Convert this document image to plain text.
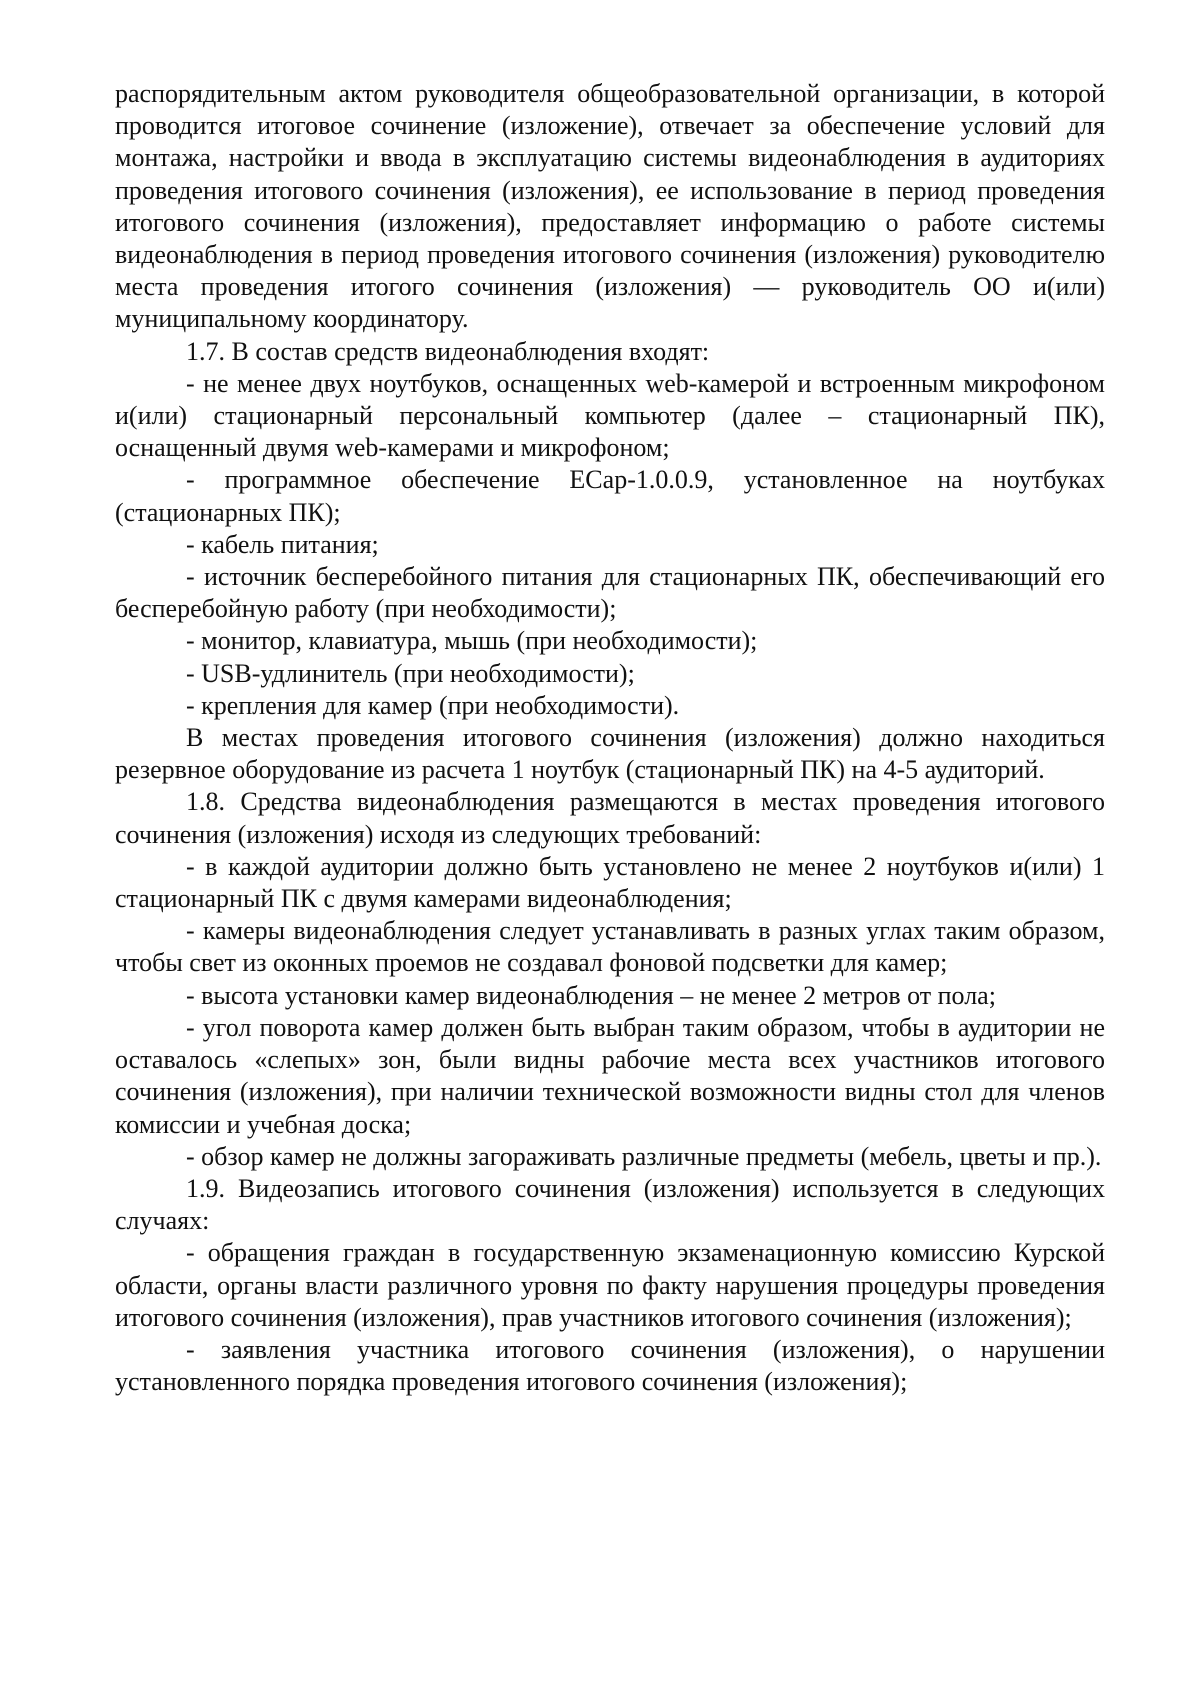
распорядительным актом руководителя общеобразовательной организации, в которой проводится итоговое сочинение (изложение), отвечает за обеспечение условий для монтажа, настройки и ввода в эксплуатацию системы видеонаблюдения в аудиториях проведения итогового сочинения (изложения), ее использование в период проведения итогового сочинения (изложения), предоставляет информацию о работе системы видеонаблюдения в период проведения итогового сочинения (изложения) руководителю места проведения итогого сочинения (изложения) — руководитель ОО и(или) муниципальному координатору.

1.7. В состав средств видеонаблюдения входят:

- не менее двух ноутбуков, оснащенных web-камерой и встроенным микрофоном и(или) стационарный персональный компьютер (далее – стационарный ПК), оснащенный двумя web-камерами и микрофоном;

- программное обеспечение ECap-1.0.0.9, установленное на ноутбуках (стационарных ПК);

- кабель питания;

- источник бесперебойного питания для стационарных ПК, обеспечивающий его бесперебойную работу (при необходимости);

- монитор, клавиатура, мышь (при необходимости);

- USB-удлинитель (при необходимости);

- крепления для камер (при необходимости).

В местах проведения итогового сочинения (изложения) должно находиться резервное оборудование из расчета 1 ноутбук (стационарный ПК) на 4-5 аудиторий.

1.8. Средства видеонаблюдения размещаются в местах проведения итогового сочинения (изложения) исходя из следующих требований:

- в каждой аудитории должно быть установлено не менее 2 ноутбуков и(или) 1 стационарный ПК с двумя камерами видеонаблюдения;

- камеры видеонаблюдения следует устанавливать в разных углах таким образом, чтобы свет из оконных проемов не создавал фоновой подсветки для камер;

- высота установки камер видеонаблюдения – не менее 2 метров от пола;

- угол поворота камер должен быть выбран таким образом, чтобы в аудитории не оставалось «слепых» зон, были видны рабочие места всех участников итогового сочинения (изложения), при наличии технической возможности видны стол для членов комиссии и учебная доска;

- обзор камер не должны загораживать различные предметы (мебель, цветы и пр.).

1.9. Видеозапись итогового сочинения (изложения) используется в следующих случаях:

- обращения граждан в государственную экзаменационную комиссию Курской области, органы власти различного уровня по факту нарушения процедуры проведения итогового сочинения (изложения), прав участников итогового сочинения (изложения);

- заявления участника итогового сочинения (изложения), о нарушении установленного порядка проведения итогового сочинения (изложения);
